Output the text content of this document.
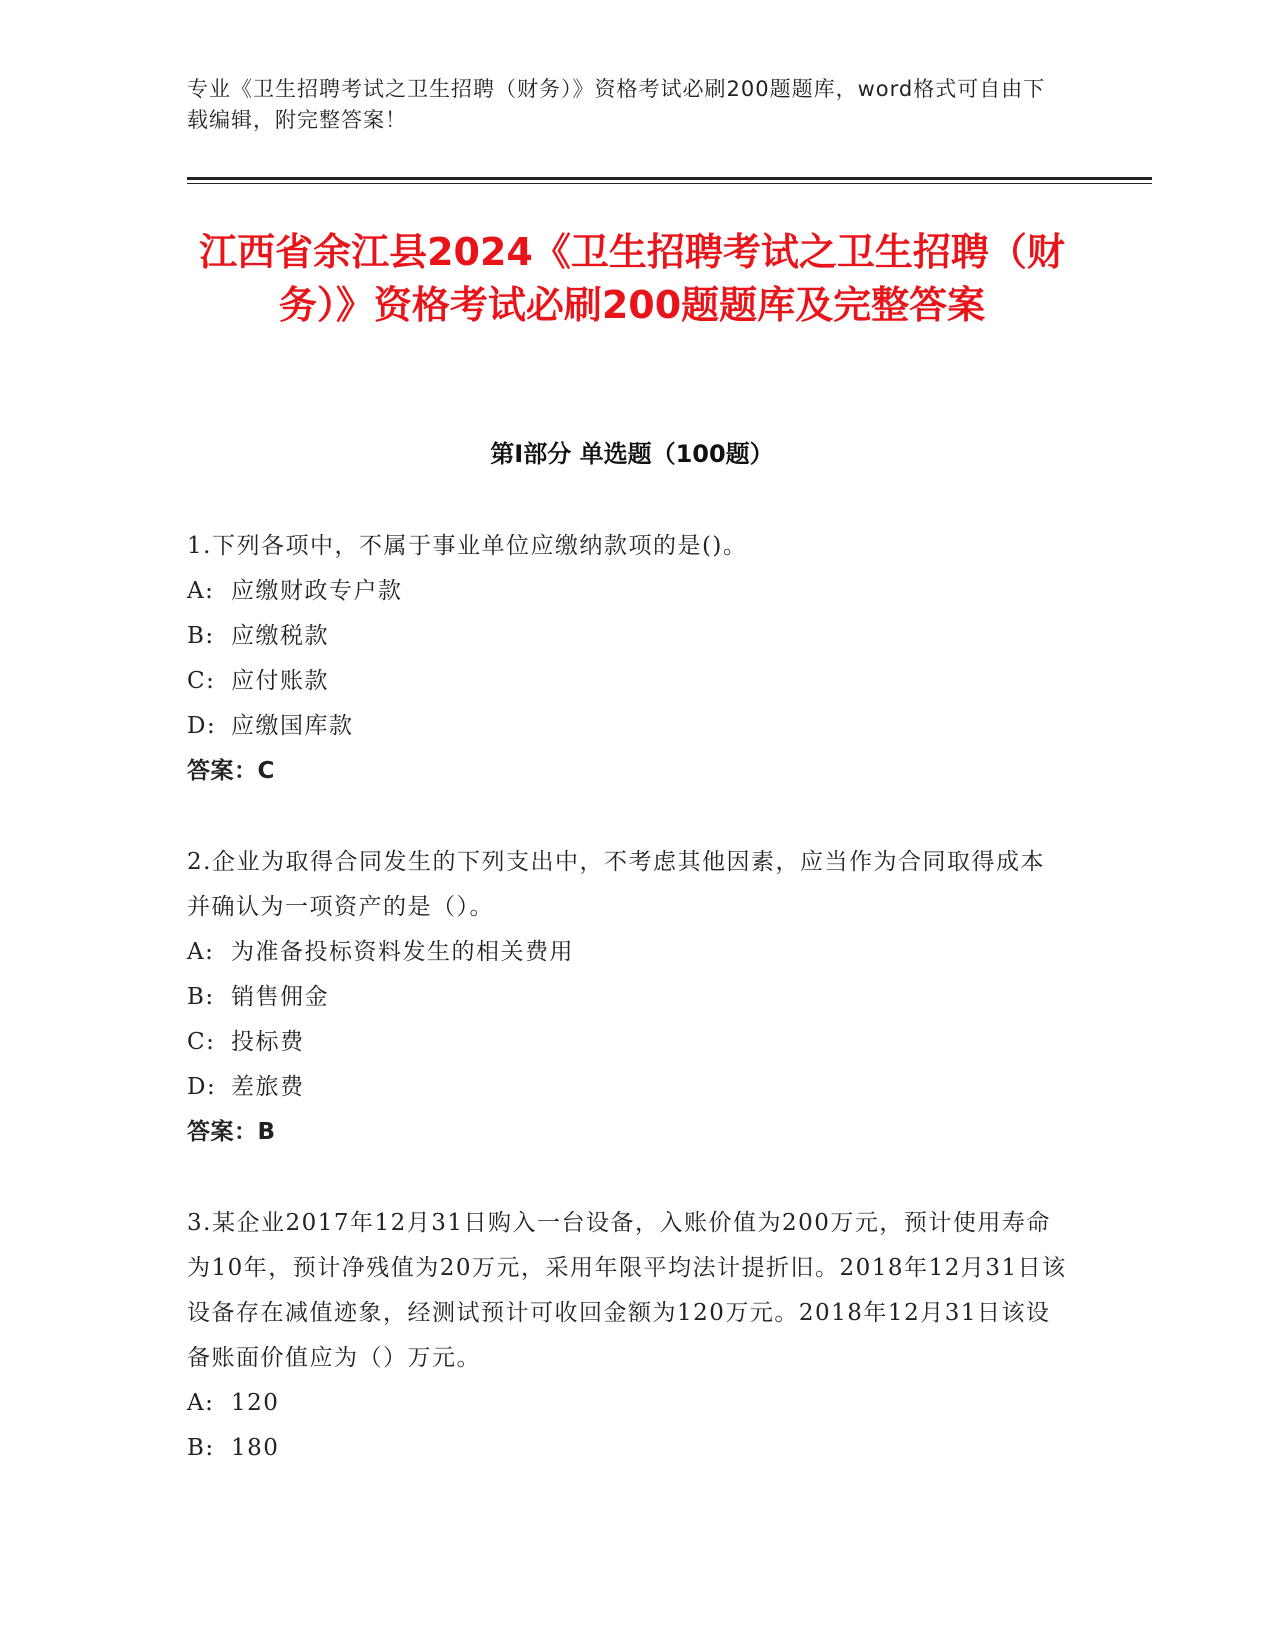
专业《卫生招聘考试之卫生招聘（财务）》资格考试必刷200题题库，word格式可自由下载编辑，附完整答案！
江西省余江县2024《卫生招聘考试之卫生招聘（财务）》资格考试必刷200题题库及完整答案
第Ⅰ部分 单选题（100题）
1.下列各项中，不属于事业单位应缴纳款项的是()。
A: 应缴财政专户款
B: 应缴税款
C: 应付账款
D: 应缴国库款
答案：C
2.企业为取得合同发生的下列支出中，不考虑其他因素，应当作为合同取得成本并确认为一项资产的是（）。
A: 为准备投标资料发生的相关费用
B: 销售佣金
C: 投标费
D: 差旅费
答案：B
3.某企业2017年12月31日购入一台设备，入账价值为200万元，预计使用寿命为10年，预计净残值为20万元，采用年限平均法计提折旧。2018年12月31日该设备存在减值迹象，经测试预计可收回金额为120万元。2018年12月31日该设备账面价值应为（）万元。
A: 120
B: 180
